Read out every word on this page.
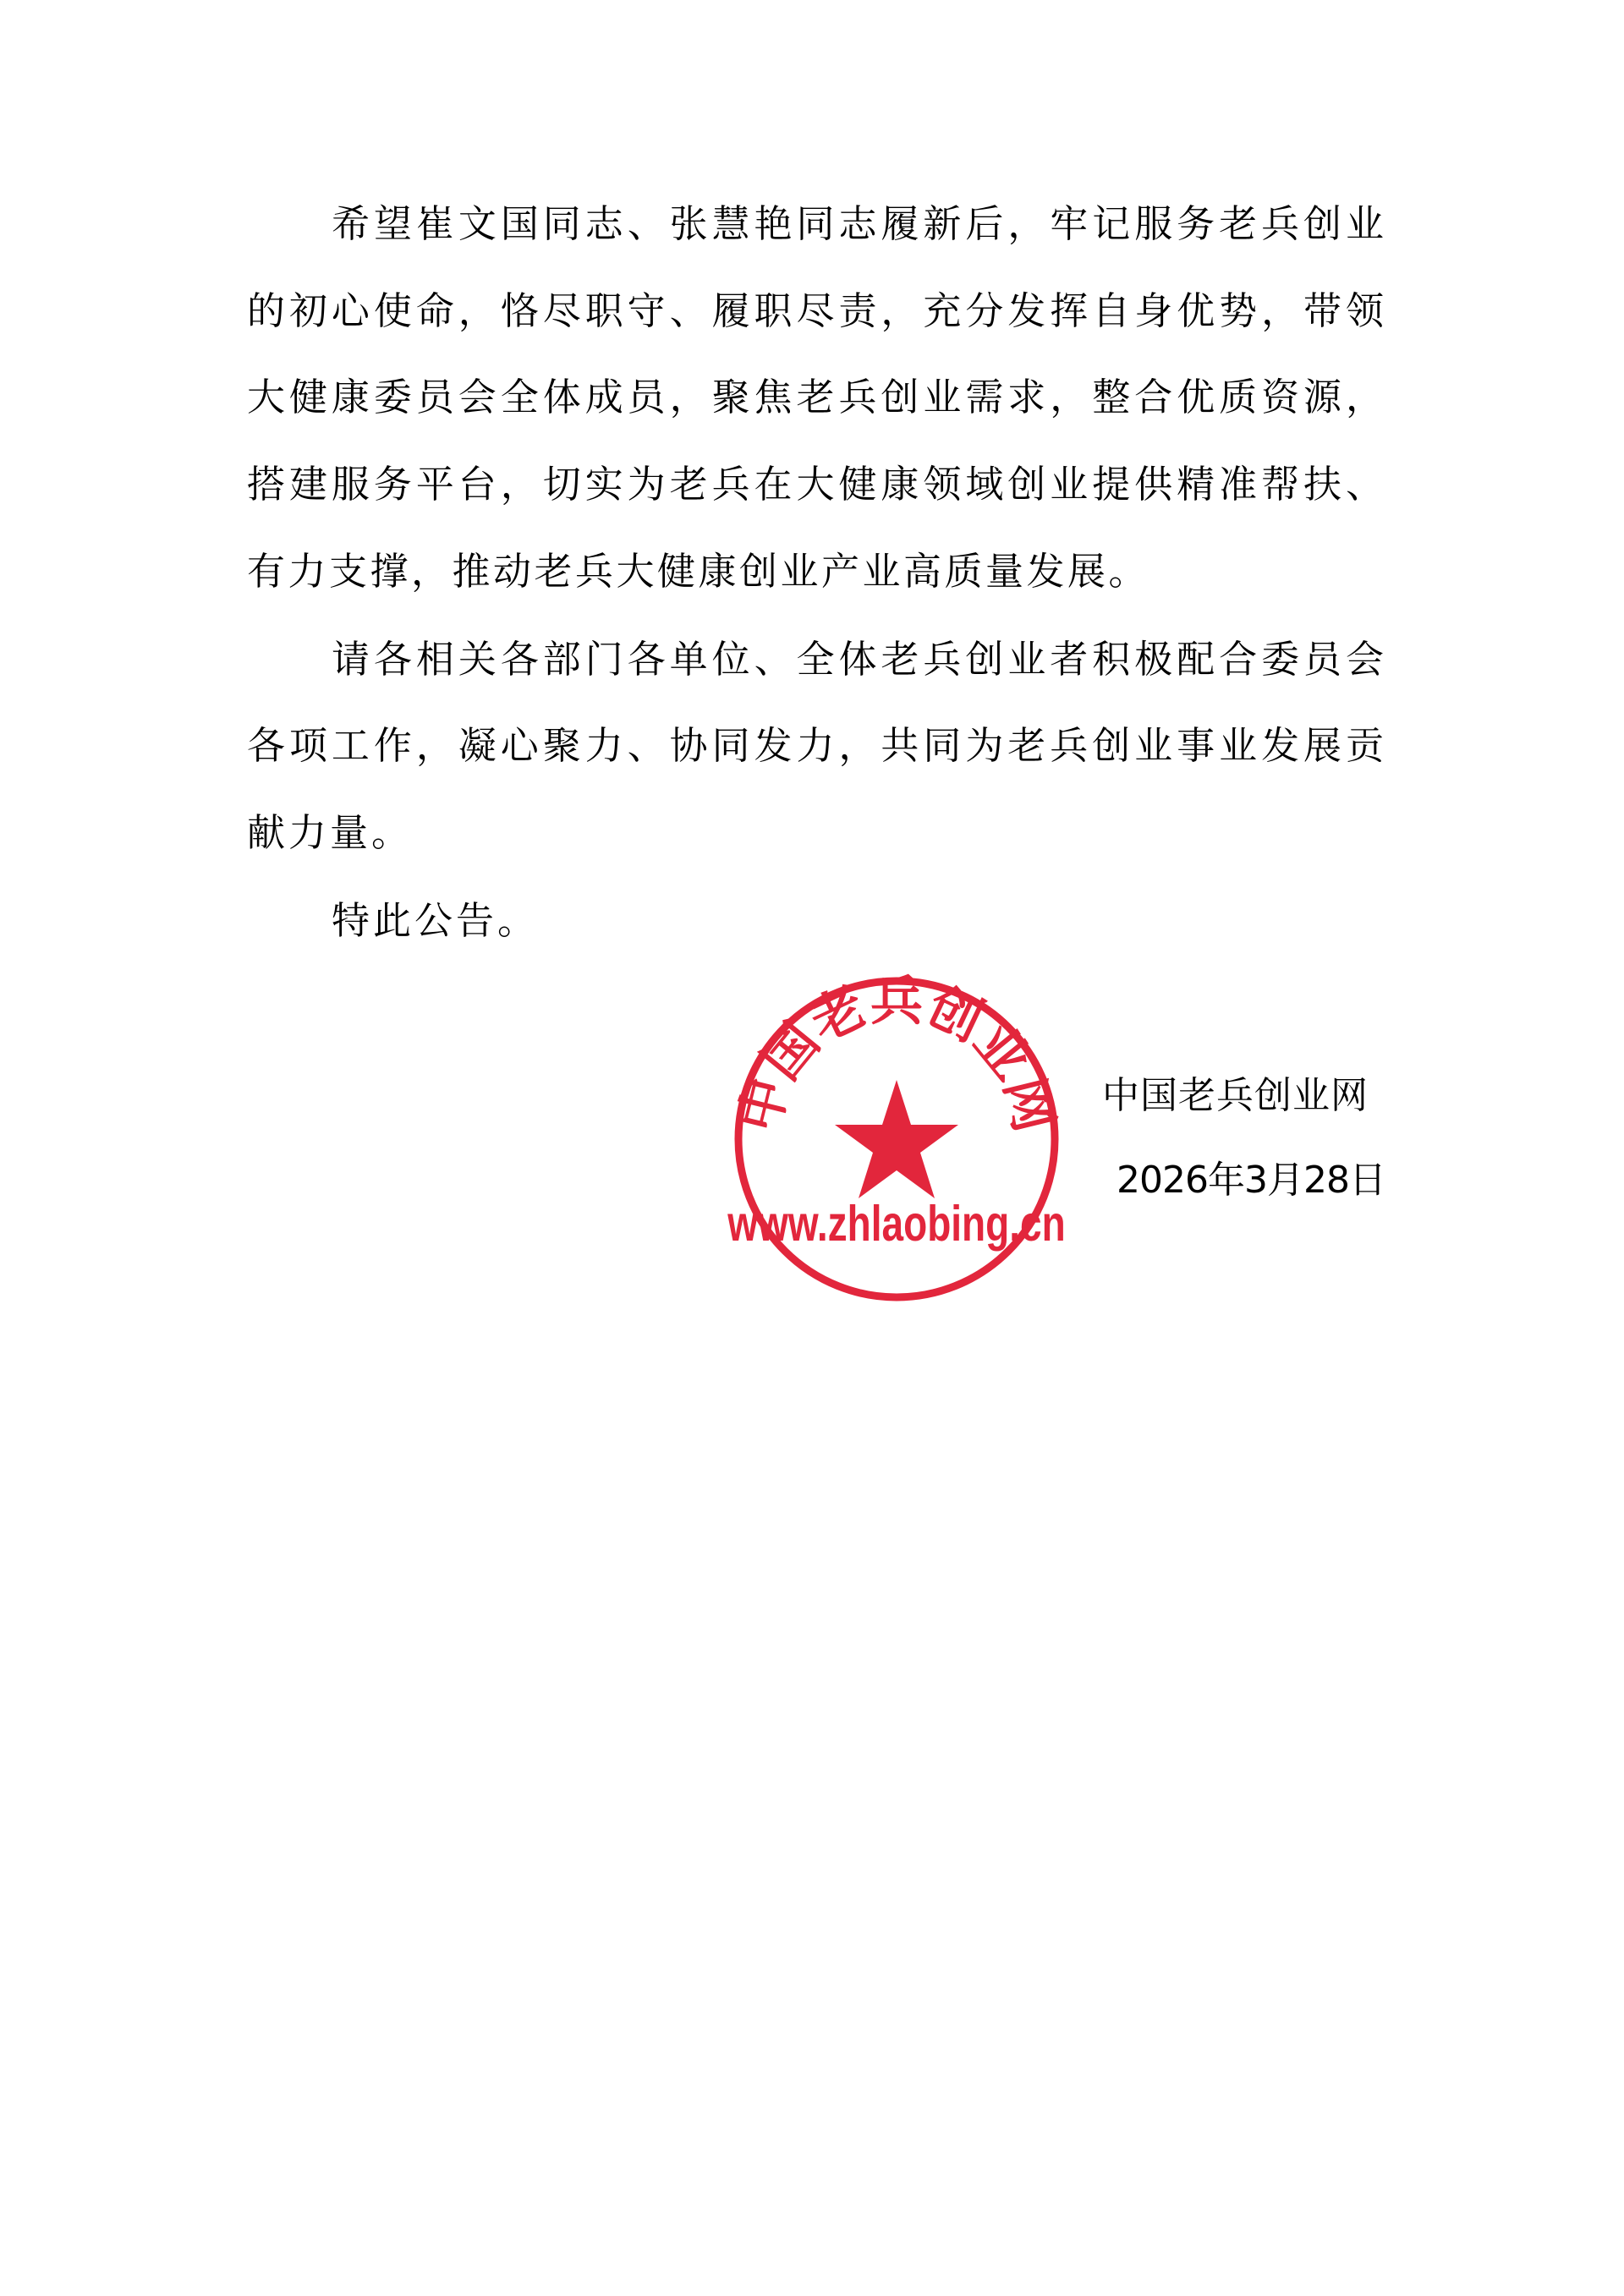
希望崔文国同志、张慧艳同志履新后，牢记服务老兵创业
的初心使命，恪尽职守、履职尽责，充分发挥自身优势，带领
大健康委员会全体成员，聚焦老兵创业需求，整合优质资源，
搭建服务平台，切实为老兵在大健康领域创业提供精准帮扶、
有力支撑，推动老兵大健康创业产业高质量发展。
请各相关各部门各单位、全体老兵创业者积极配合委员会
各项工作，凝心聚力、协同发力，共同为老兵创业事业发展贡
献力量。
特此公告。
中国老兵创业网
www.zhlaobing.cn
中国老兵创业网
2026年3月28日
